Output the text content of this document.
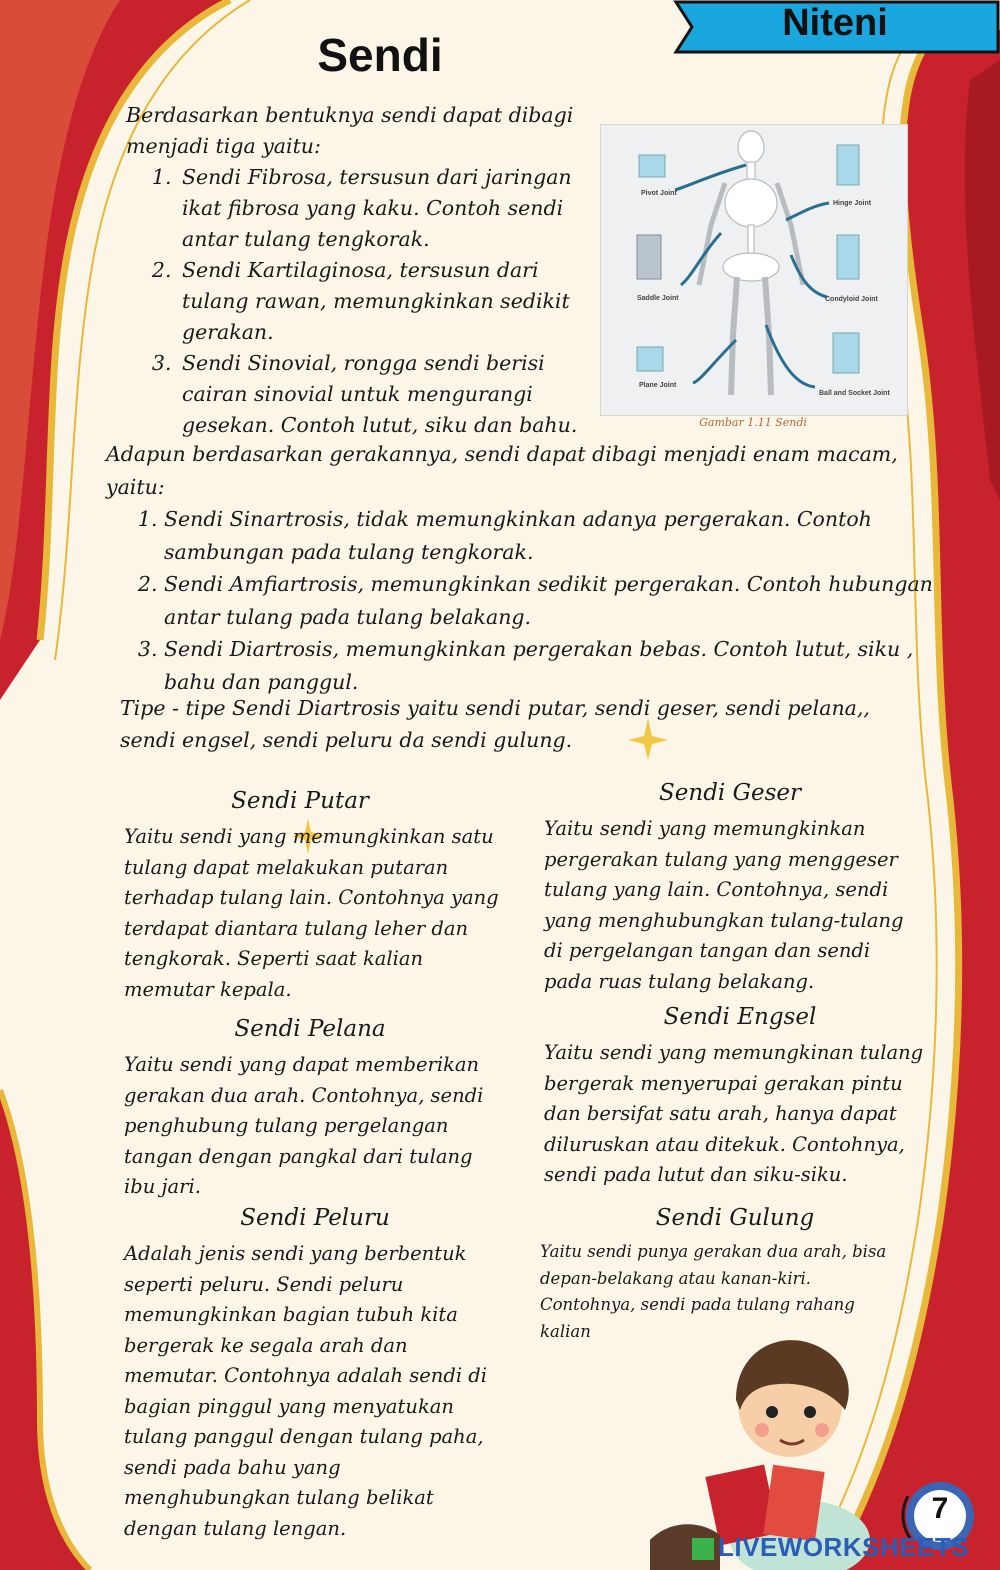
Sendi
Niteni
Berdasarkan bentuknya sendi dapat dibagi menjadi tiga yaitu:
1. Sendi Fibrosa, tersusun dari jaringan ikat fibrosa yang kaku. Contoh sendi antar tulang tengkorak.
2. Sendi Kartilaginosa, tersusun dari tulang rawan, memungkinkan sedikit gerakan.
3. Sendi Sinovial, rongga sendi berisi cairan sinovial untuk mengurangi gesekan. Contoh lutut, siku dan bahu.
Pivot Joint
Hinge Joint
Saddle Joint	Condyloid Joint
Plane Joint
Ball and Socket Joint
Gambar 1.11 Sendi
Adapun berdasarkan gerakannya, sendi dapat dibagi menjadi enam macam, yaitu:
1. Sendi Sinartrosis, tidak memungkinkan adanya pergerakan. Contoh sambungan pada tulang tengkorak.
2. Sendi Amfiartrosis, memungkinkan sedikit pergerakan. Contoh hubungan antar tulang pada tulang belakang.
3. Sendi Diartrosis, memungkinkan pergerakan bebas. Contoh lutut, siku , bahu dan panggul.
Tipe - tipe Sendi Diartrosis yaitu sendi putar, sendi geser, sendi pelana,, sendi engsel, sendi peluru da sendi gulung.
Sendi Putar
Yaitu sendi yang memungkinkan satu tulang dapat melakukan putaran terhadap tulang lain. Contohnya yang terdapat diantara tulang leher dan tengkorak. Seperti saat kalian memutar kepala.
Sendi Pelana
Yaitu sendi yang dapat memberikan gerakan dua arah. Contohnya, sendi penghubung tulang pergelangan tangan dengan pangkal dari tulang ibu jari.
Sendi Peluru
Adalah jenis sendi yang berbentuk seperti peluru. Sendi peluru memungkinkan bagian tubuh kita bergerak ke segala arah dan memutar. Contohnya adalah sendi di bagian pinggul yang menyatukan tulang panggul dengan tulang paha, sendi pada bahu yang menghubungkan tulang belikat dengan tulang lengan.
Sendi Geser
Yaitu sendi yang memungkinkan pergerakan tulang yang menggeser tulang yang lain. Contohnya, sendi yang menghubungkan tulang-tulang di pergelangan tangan dan sendi pada ruas tulang belakang.
Sendi Engsel
Yaitu sendi yang memungkinan tulang bergerak menyerupai gerakan pintu dan bersifat satu arah, hanya dapat diluruskan atau ditekuk. Contohnya, sendi pada lutut dan siku-siku.
Sendi Gulung
Yaitu sendi punya gerakan dua arah, bisa depan-belakang atau kanan-kiri. Contohnya, sendi pada tulang rahang kalian
7
LIVEWORKSHEETS
